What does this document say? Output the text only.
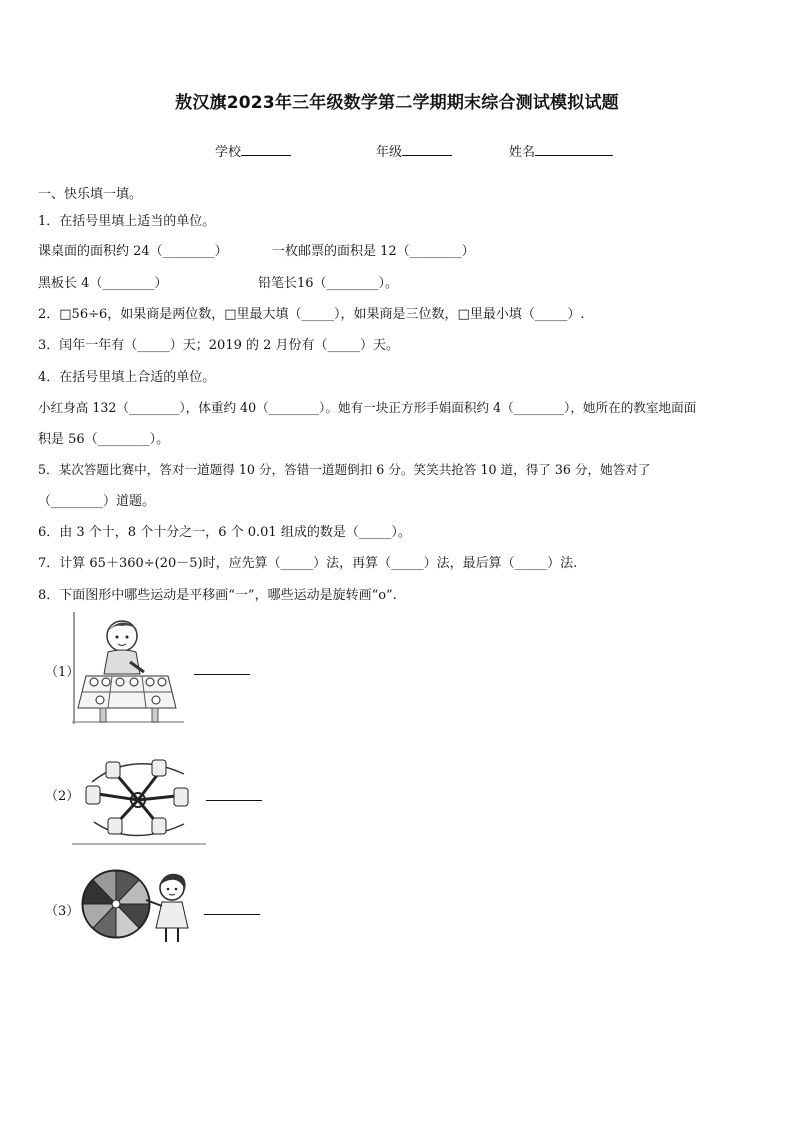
敖汉旗2023年三年级数学第二学期期末综合测试模拟试题
学校	年级	姓名
一、快乐填一填。
1．在括号里填上适当的单位。
课桌面的面积约 24（________）	一枚邮票的面积是 12（________）
黑板长 4（________）	铅笔长16（________）。
2．□56÷6，如果商是两位数，□里最大填（_____），如果商是三位数，□里最小填（_____）.
3．闰年一年有（_____）天；2019 的 2 月份有（_____）天。
4．在括号里填上合适的单位。
小红身高 132（________），体重约 40（________）。她有一块正方形手娟面积约 4（________），她所在的教室地面面
积是 56（________）。
5．某次答题比赛中，答对一道题得 10 分，答错一道题倒扣 6 分。笑笑共抢答 10 道，得了 36 分，她答对了
（________）道题。
6．由 3 个十，8 个十分之一，6 个 0.01 组成的数是（_____）。
7．计算 65＋360÷(20－5)时，应先算（_____）法，再算（_____）法，最后算（_____）法.
8．下面图形中哪些运动是平移画“一”，哪些运动是旋转画“o”.
（1）
（2）
（3）
